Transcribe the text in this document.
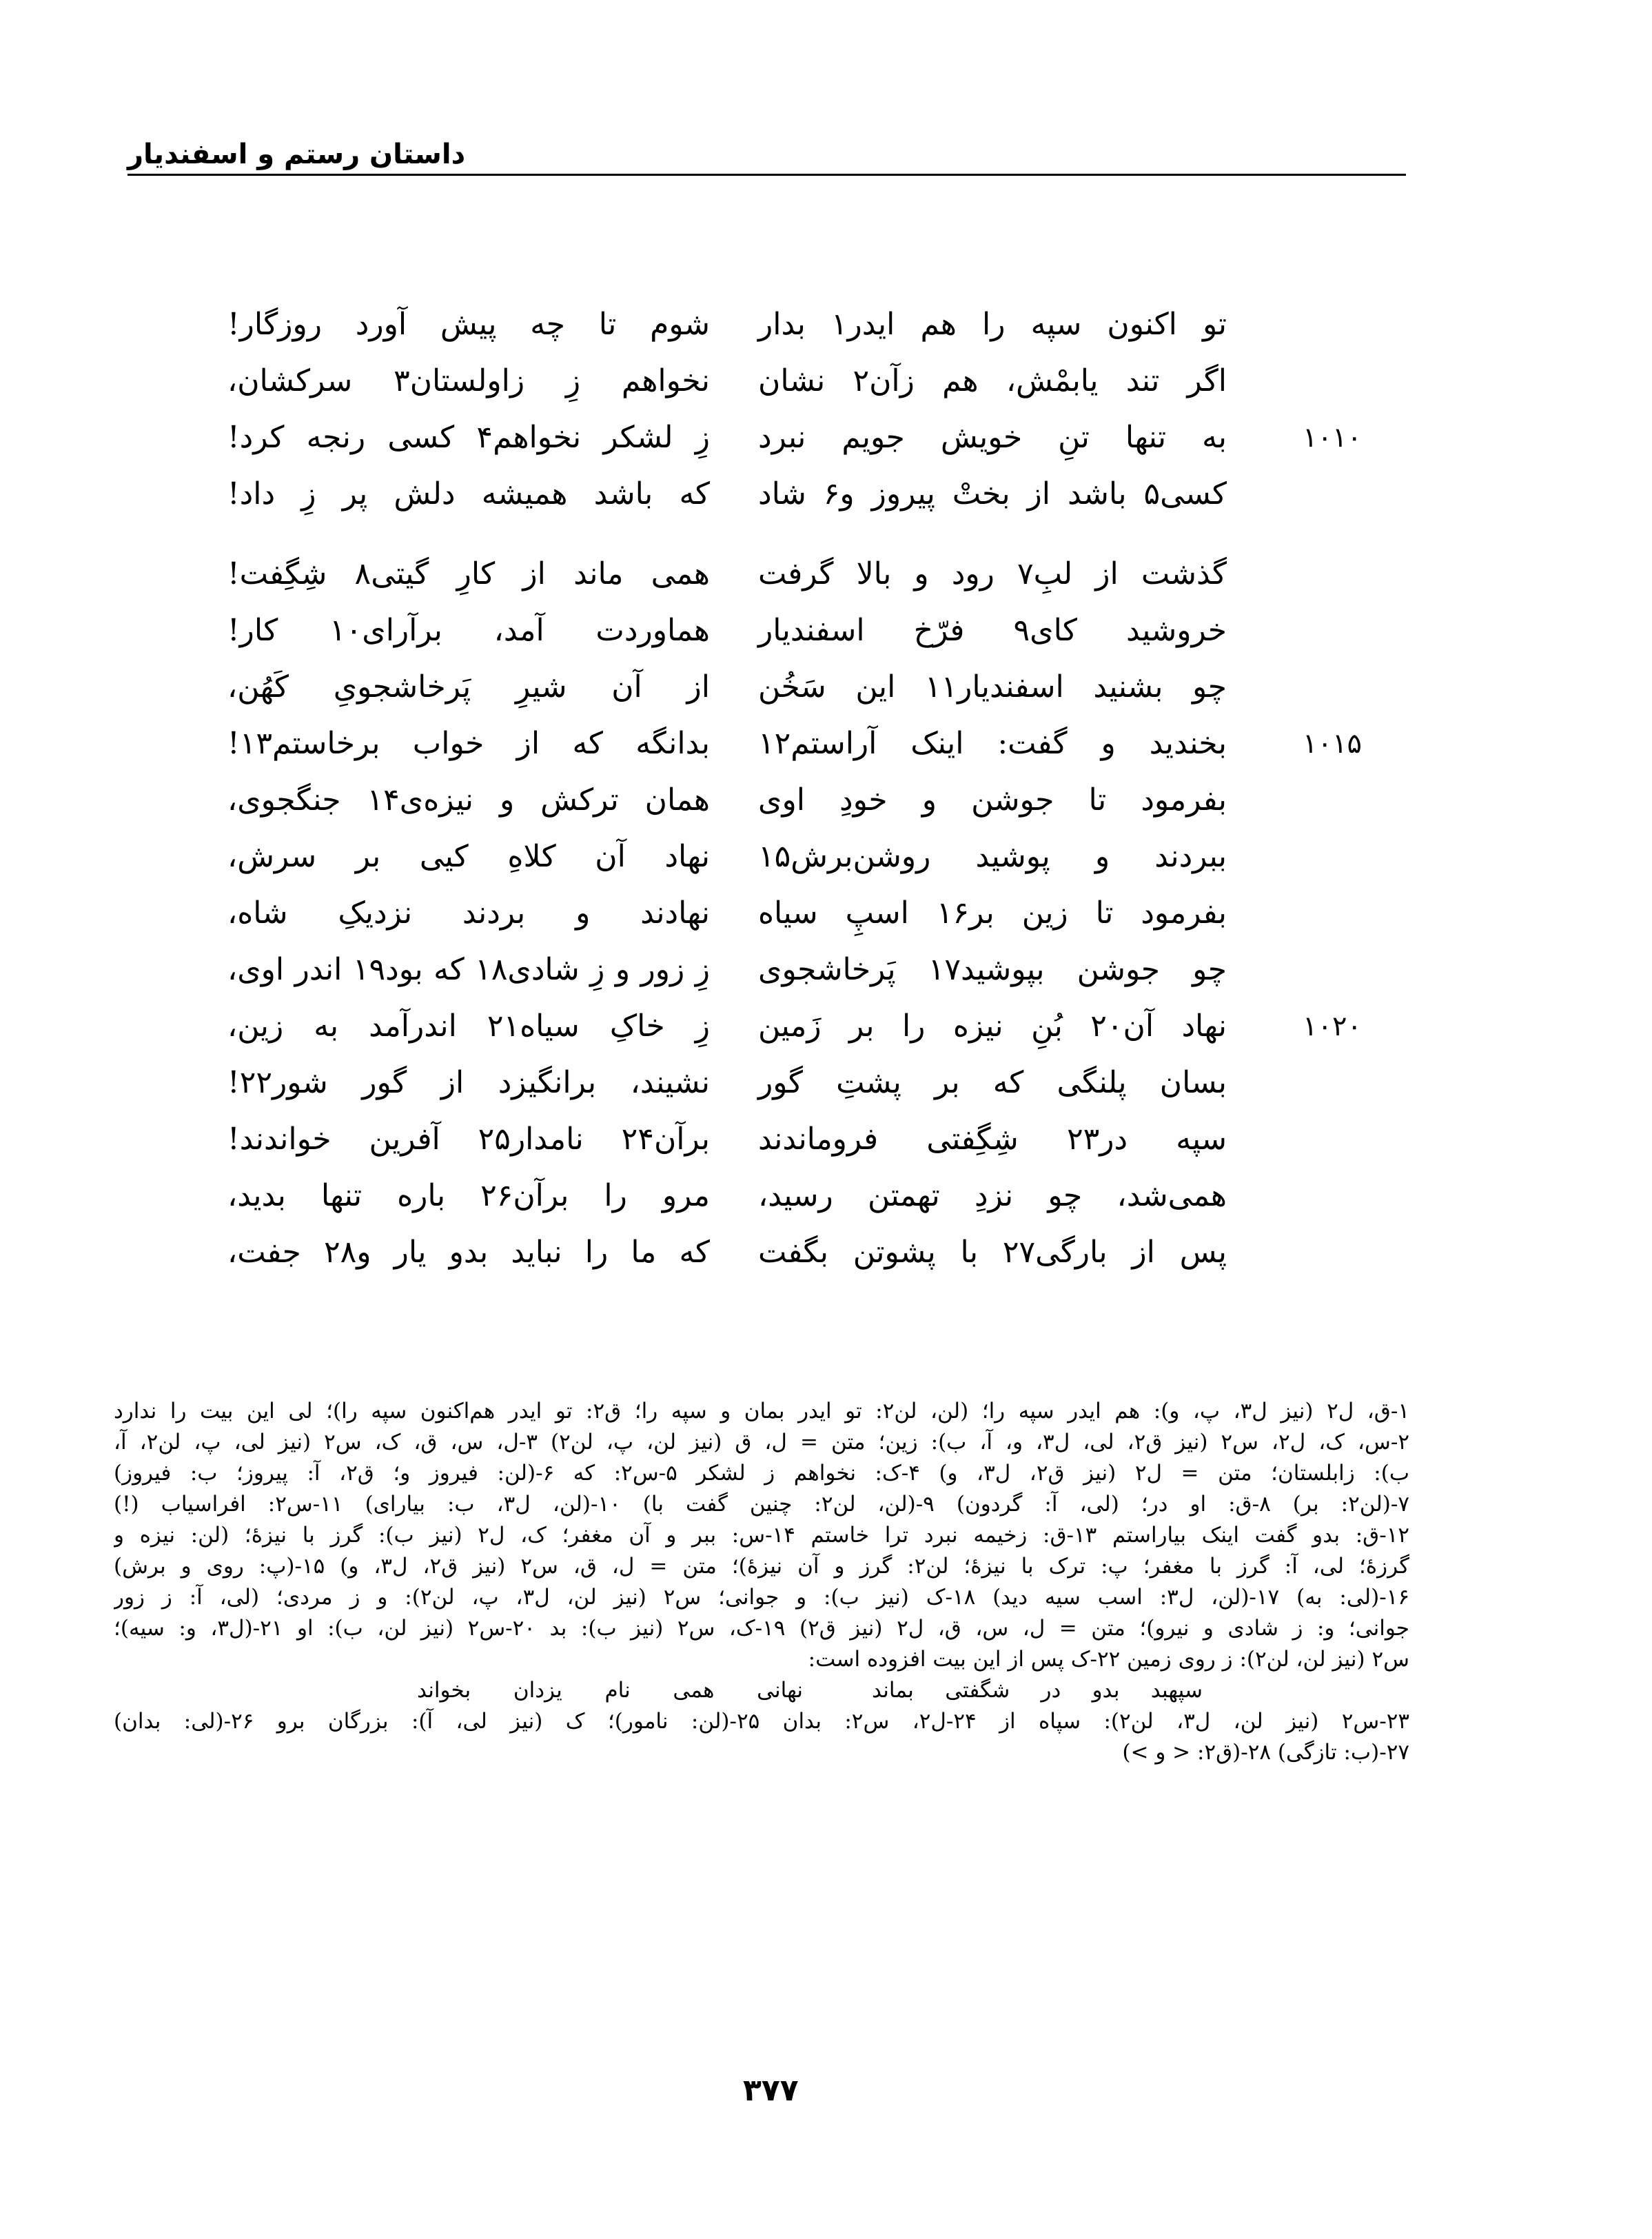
داستان رستم و اسفندیار
تو اکنون سپه را هم ایدر۱ بدار
شوم تا چه پیش آورد روزگار!
اگر تند یابمْش، هم زآن۲ نشان
نخواهم زِ زاولستان۳ سرکشان،
۱۰۱۰
به تنها تنِ خویش جویم نبرد
زِ لشکر نخواهم۴ کسی رنجه کرد!
کسی۵ باشد از بختْ پیروز و۶ شاد
که باشد همیشه دلش پر زِ داد!
گذشت از لبِ۷ رود و بالا گرفت
همی ماند از کارِ گیتی۸ شِگِفت!
خروشید کای۹ فرّخ اسفندیار
هماوردت آمد، برآرای۱۰ کار!
چو بشنید اسفندیار۱۱ این سَخُن
از آن شیرِ پَرخاشجویِ کَهُن،
۱۰۱۵
بخندید و گفت: اینک آراستم۱۲
بدانگه که از خواب برخاستم۱۳!
بفرمود تا جوشن و خودِ اوی
همان ترکش و نیزه‌ی۱۴ جنگجوی،
ببردند و پوشید روشن‌برش۱۵
نهاد آن کلاهِ کیی بر سرش،
بفرمود تا زین بر۱۶ اسپِ سیاه
نهادند و بردند نزدیکِ شاه،
چو جوشن بپوشید۱۷ پَرخاشجوی
زِ زور و زِ شادی۱۸ که بود۱۹ اندر اوی،
۱۰۲۰
نهاد آن۲۰ بُنِ نیزه را بر زَمین
زِ خاکِ سیاه۲۱ اندرآمد به زین،
بسان پلنگی که بر پشتِ گور
نشیند، برانگیزد از گور شور۲۲!
سپه در۲۳ شِگِفتی فروماندند
برآن۲۴ نامدار۲۵ آفرین خواندند!
همی‌شد، چو نزدِ تهمتن رسید،
مرو را برآن۲۶ باره تنها بدید،
پس از بارگی۲۷ با پشوتن بگفت
که ما را نباید بدو یار و۲۸ جفت،
۱-ق، ل۲ (نیز ل۳، پ، و): هم ایدر سپه را؛ (لن، لن۲: تو ایدر بمان و سپه را؛ ق۲: تو ایدر هم‌اکنون سپه را)؛ لی این بیت را ندارد
۲-س، ک، ل۲، س۲ (نیز ق۲، لی، ل۳، و، آ، ب): زین؛ متن = ل، ق (نیز لن، پ، لن۲) ۳-ل، س، ق، ک، س۲ (نیز لی، پ، لن۲، آ،
ب): زابلستان؛ متن = ل۲ (نیز ق۲، ل۳، و) ۴-ک: نخواهم ز لشکر ۵-س۲: که ۶-(لن: فیروز و؛ ق۲، آ: پیروز؛ ب: فیروز)
۷-(لن۲: بر) ۸-ق: او در؛ (لی، آ: گردون) ۹-(لن، لن۲: چنین گفت با) ۱۰-(لن، ل۳، ب: بیارای) ۱۱-س۲: افراسیاب (!)
۱۲-ق: بدو گفت اینک بیاراستم ۱۳-ق: زخیمه نبرد ترا خاستم ۱۴-س: ببر و آن مغفر؛ ک، ل۲ (نیز ب): گرز با نیزهٔ؛ (لن: نیزه و
گرزهٔ؛ لی، آ: گرز با مغفر؛ پ: ترک با نیزهٔ؛ لن۲: گرز و آن نیزهٔ)؛ متن = ل، ق، س۲ (نیز ق۲، ل۳، و) ۱۵-(پ: روی و برش)
۱۶-(لی: به) ۱۷-(لن، ل۳: اسب سیه دید) ۱۸-ک (نیز ب): و جوانی؛ س۲ (نیز لن، ل۳، پ، لن۲): و ز مردی؛ (لی، آ: ز زور
جوانی؛ و: ز شادی و نیرو)؛ متن = ل، س، ق، ل۲ (نیز ق۲) ۱۹-ک، س۲ (نیز ب): بد ۲۰-س۲ (نیز لن، ب): او ۲۱-(ل۳، و: سیه)؛
س۲ (نیز لن، لن۲): ز روی زمین ۲۲-ک پس از این بیت افزوده است:
سپهبد بدو در شگفتی بماند
نهانی همی نام یزدان بخواند
۲۳-س۲ (نیز لن، ل۳، لن۲): سپاه از ۲۴-ل۲، س۲: بدان ۲۵-(لن: نامور)؛ ک (نیز لی، آ): بزرگان برو ۲۶-(لی: بدان)
۲۷-(ب: تازگی) ۲۸-(ق۲: < و >)
۳۷۷
